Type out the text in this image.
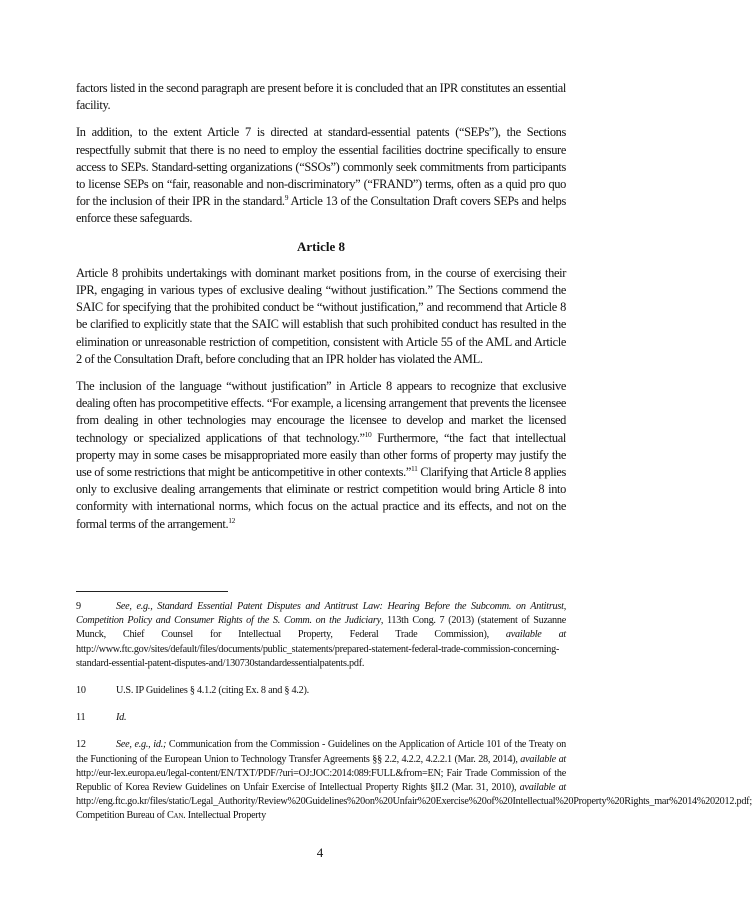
factors listed in the second paragraph are present before it is concluded that an IPR constitutes an essential facility.

In addition, to the extent Article 7 is directed at standard-essential patents (“SEPs”), the Sections respectfully submit that there is no need to employ the essential facilities doctrine specifically to ensure access to SEPs. Standard-setting organizations (“SSOs”) commonly seek commitments from participants to license SEPs on “fair, reasonable and non-discriminatory” (“FRAND”) terms, often as a quid pro quo for the inclusion of their IPR in the standard.$^9$ Article 13 of the Consultation Draft covers SEPs and helps enforce these safeguards.

Article 8

Article 8 prohibits undertakings with dominant market positions from, in the course of exercising their IPR, engaging in various types of exclusive dealing “without justification.” The Sections commend the SAIC for specifying that the prohibited conduct be “without justification,” and recommend that Article 8 be clarified to explicitly state that the SAIC will establish that such prohibited conduct has resulted in the elimination or unreasonable restriction of competition, consistent with Article 55 of the AML and Article 2 of the Consultation Draft, before concluding that an IPR holder has violated the AML.

The inclusion of the language “without justification” in Article 8 appears to recognize that exclusive dealing often has procompetitive effects. “For example, a licensing arrangement that prevents the licensee from dealing in other technologies may encourage the licensee to develop and market the licensed technology or specialized applications of that technology.”$^{10}$ Furthermore, “the fact that intellectual property may in some cases be misappropriated more easily than other forms of property may justify the use of some restrictions that might be anticompetitive in other contexts.”$^{11}$ Clarifying that Article 8 applies only to exclusive dealing arrangements that eliminate or restrict competition would bring Article 8 into conformity with international norms, which focus on the actual practice and its effects, and not on the formal terms of the arrangement.$^{12}$

9	See, e.g., Standard Essential Patent Disputes and Antitrust Law: Hearing Before the Subcomm. on Antitrust, Competition Policy and Consumer Rights of the S. Comm. on the Judiciary, 113th Cong. 7 (2013) (statement of Suzanne Munck, Chief Counsel for Intellectual Property, Federal Trade Commission), available at http://www.ftc.gov/sites/default/files/documents/public_statements/prepared-statement-federal-trade-commission-concerning-standard-essential-patent-disputes-and/130730standardessentialpatents.pdf.
10	U.S. IP Guidelines § 4.1.2 (citing Ex. 8 and § 4.2).
11	Id.
12	See, e.g., id.; Communication from the Commission - Guidelines on the Application of Article 101 of the Treaty on the Functioning of the European Union to Technology Transfer Agreements §§ 2.2, 4.2.2, 4.2.2.1 (Mar. 28, 2014), available at http://eur-lex.europa.eu/legal-content/EN/TXT/PDF/?uri=OJ:JOC:2014:089:FULL&from=EN; Fair Trade Commission of the Republic of Korea Review Guidelines on Unfair Exercise of Intellectual Property Rights §II.2 (Mar. 31, 2010), available at http://eng.ftc.go.kr/files/static/Legal_Authority/Review%20Guidelines%20on%20Unfair%20Exercise%20of%20Intellectual%20Property%20Rights_mar%2014%202012.pdf; Competition Bureau of Can. Intellectual Property
4
